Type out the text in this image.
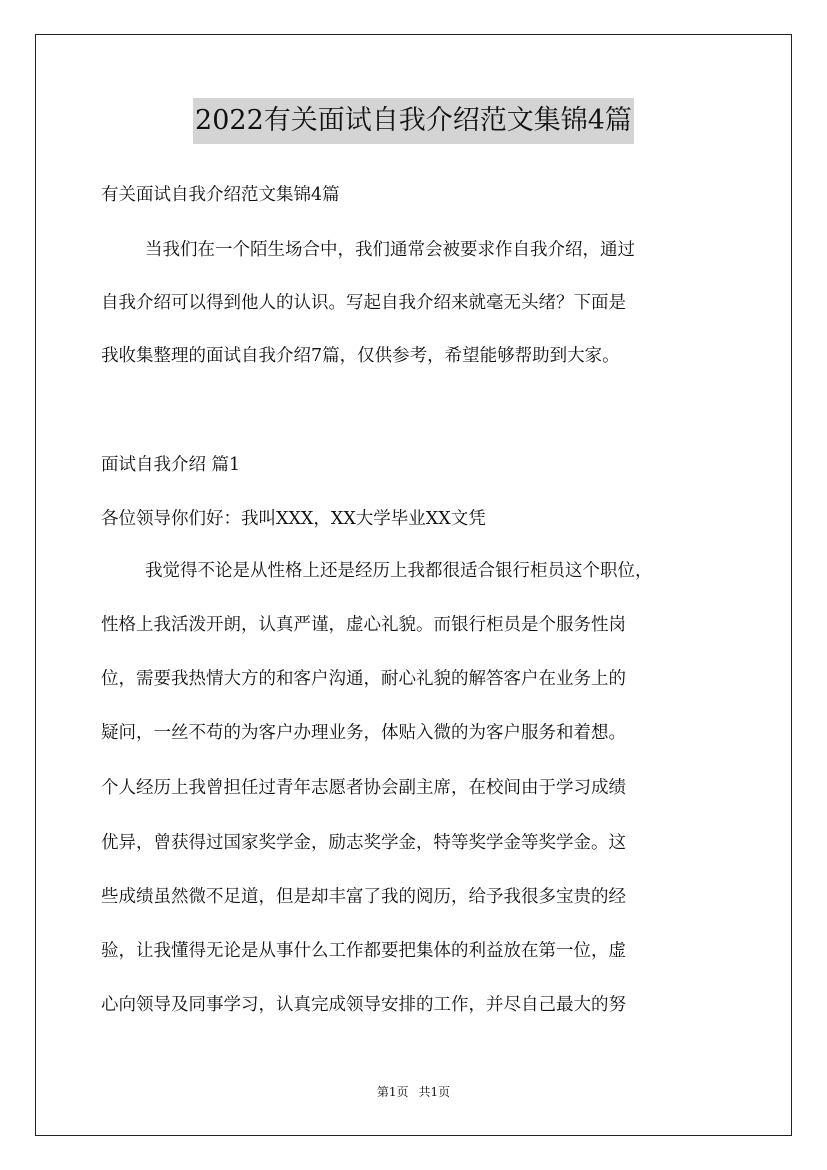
2022有关面试自我介绍范文集锦4篇
有关面试自我介绍范文集锦4篇
当我们在一个陌生场合中，我们通常会被要求作自我介绍，通过
自我介绍可以得到他人的认识。写起自我介绍来就毫无头绪？下面是
我收集整理的面试自我介绍7篇，仅供参考，希望能够帮助到大家。
面试自我介绍 篇1
各位领导你们好：我叫XXX，XX大学毕业XX文凭
我觉得不论是从性格上还是经历上我都很适合银行柜员这个职位，
性格上我活泼开朗，认真严谨，虚心礼貌。而银行柜员是个服务性岗
位，需要我热情大方的和客户沟通，耐心礼貌的解答客户在业务上的
疑问，一丝不苟的为客户办理业务，体贴入微的为客户服务和着想。
个人经历上我曾担任过青年志愿者协会副主席，在校间由于学习成绩
优异，曾获得过国家奖学金，励志奖学金，特等奖学金等奖学金。这
些成绩虽然微不足道，但是却丰富了我的阅历，给予我很多宝贵的经
验，让我懂得无论是从事什么工作都要把集体的利益放在第一位，虚
心向领导及同事学习，认真完成领导安排的工作，并尽自己最大的努
第1页 共1页
